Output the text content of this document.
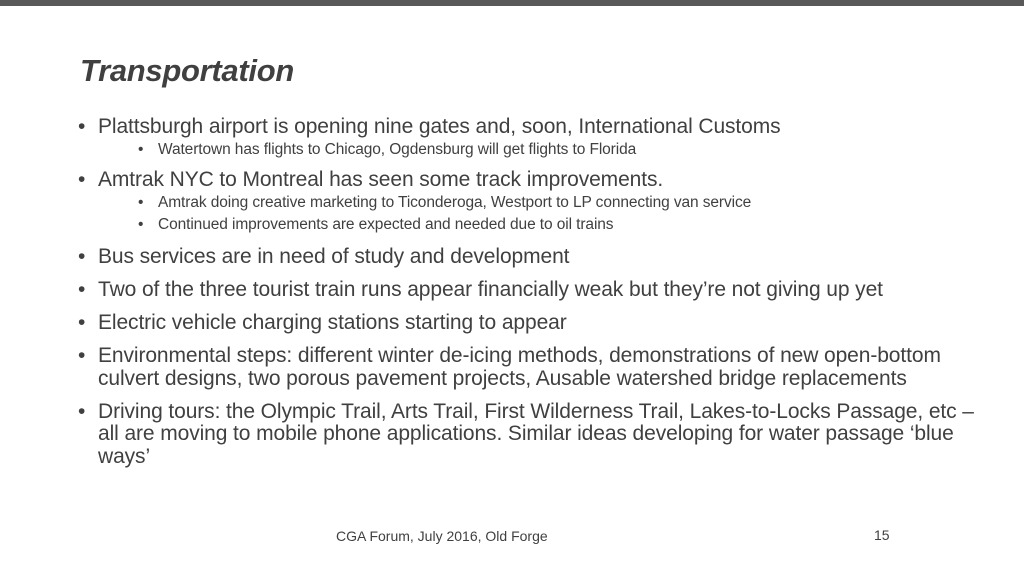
Transportation
• Plattsburgh airport is opening nine gates and, soon, International Customs
• Watertown has flights to Chicago, Ogdensburg will get flights to Florida
• Amtrak NYC to Montreal has seen some track improvements.
• Amtrak doing creative marketing to Ticonderoga, Westport to LP connecting van service
• Continued improvements are expected and needed due to oil trains
• Bus services are in need of study and development
• Two of the three tourist train runs appear financially weak but they’re not giving up yet
• Electric vehicle charging stations starting to appear
• Environmental steps: different winter de-icing methods, demonstrations of new open-bottom culvert designs, two porous pavement projects, Ausable watershed bridge replacements
• Driving tours: the Olympic Trail, Arts Trail, First Wilderness Trail, Lakes-to-Locks Passage, etc – all are moving to mobile phone applications. Similar ideas developing for water passage ‘blue ways’
CGA Forum, July 2016, Old Forge	15
